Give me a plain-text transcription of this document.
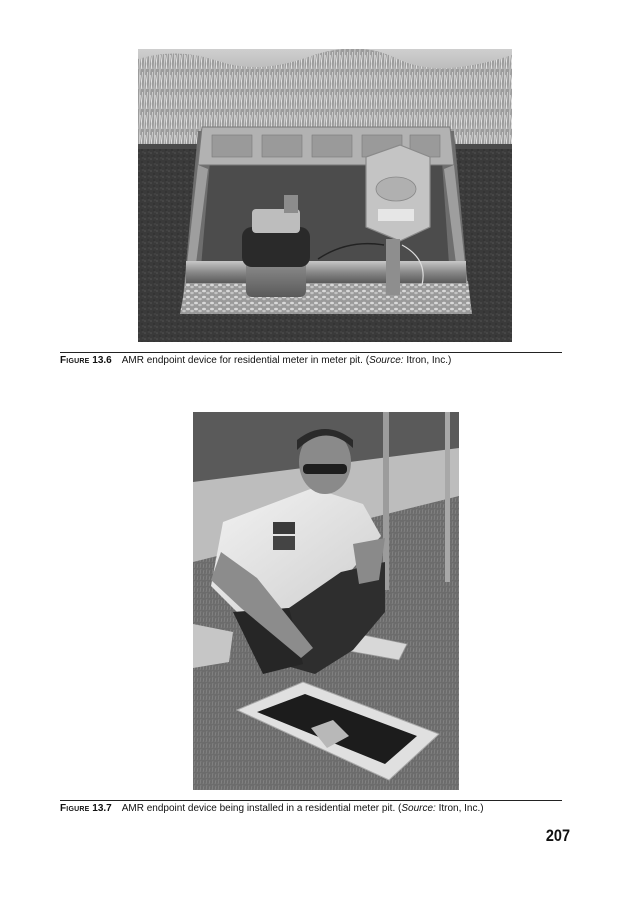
Figure 13.6 AMR endpoint device for residential meter in meter pit. (Source: Itron, Inc.)
Figure 13.7 AMR endpoint device being installed in a residential meter pit. (Source: Itron, Inc.)
207
